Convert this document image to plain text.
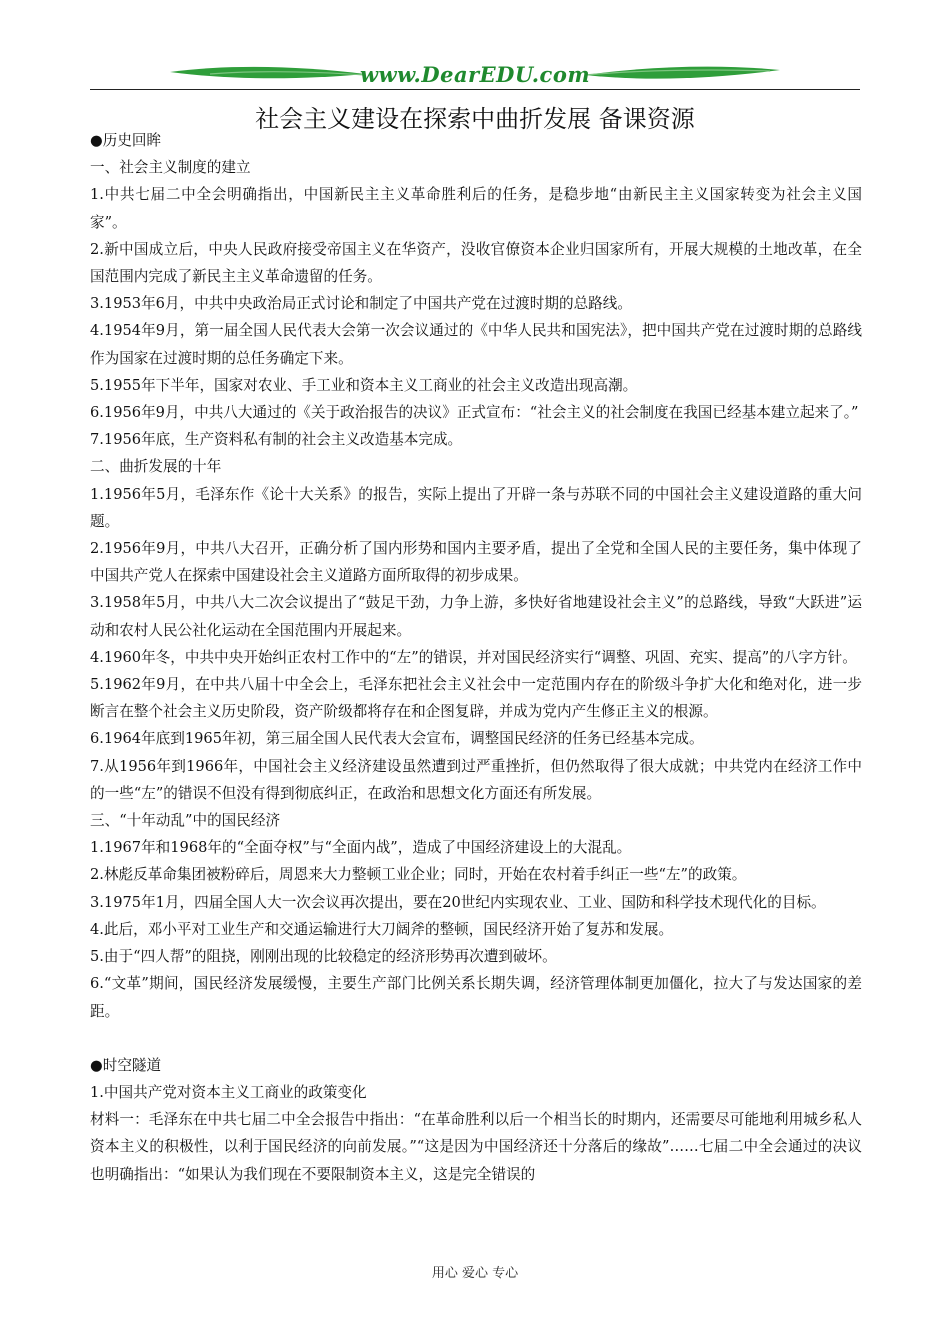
www.DearEDU.com
社会主义建设在探索中曲折发展 备课资源

●历史回眸

一、社会主义制度的建立

1.中共七届二中全会明确指出，中国新民主主义革命胜利后的任务，是稳步地“由新民主主义国家转变为社会主义国家”。

2.新中国成立后，中央人民政府接受帝国主义在华资产，没收官僚资本企业归国家所有，开展大规模的土地改革，在全国范围内完成了新民主主义革命遗留的任务。

3.1953年6月，中共中央政治局正式讨论和制定了中国共产党在过渡时期的总路线。

4.1954年9月，第一届全国人民代表大会第一次会议通过的《中华人民共和国宪法》，把中国共产党在过渡时期的总路线作为国家在过渡时期的总任务确定下来。

5.1955年下半年，国家对农业、手工业和资本主义工商业的社会主义改造出现高潮。

6.1956年9月，中共八大通过的《关于政治报告的决议》正式宣布：“社会主义的社会制度在我国已经基本建立起来了。”

7.1956年底，生产资料私有制的社会主义改造基本完成。

二、曲折发展的十年

1.1956年5月，毛泽东作《论十大关系》的报告，实际上提出了开辟一条与苏联不同的中国社会主义建设道路的重大问题。

2.1956年9月，中共八大召开，正确分析了国内形势和国内主要矛盾，提出了全党和全国人民的主要任务，集中体现了中国共产党人在探索中国建设社会主义道路方面所取得的初步成果。

3.1958年5月，中共八大二次会议提出了“鼓足干劲，力争上游，多快好省地建设社会主义”的总路线，导致“大跃进”运动和农村人民公社化运动在全国范围内开展起来。

4.1960年冬，中共中央开始纠正农村工作中的“左”的错误，并对国民经济实行“调整、巩固、充实、提高”的八字方针。

5.1962年9月，在中共八届十中全会上，毛泽东把社会主义社会中一定范围内存在的阶级斗争扩大化和绝对化，进一步断言在整个社会主义历史阶段，资产阶级都将存在和企图复辟，并成为党内产生修正主义的根源。

6.1964年底到1965年初，第三届全国人民代表大会宣布，调整国民经济的任务已经基本完成。

7.从1956年到1966年，中国社会主义经济建设虽然遭到过严重挫折，但仍然取得了很大成就；中共党内在经济工作中的一些“左”的错误不但没有得到彻底纠正，在政治和思想文化方面还有所发展。

三、“十年动乱”中的国民经济

1.1967年和1968年的“全面夺权”与“全面内战”，造成了中国经济建设上的大混乱。

2.林彪反革命集团被粉碎后，周恩来大力整顿工业企业；同时，开始在农村着手纠正一些“左”的政策。

3.1975年1月，四届全国人大一次会议再次提出，要在20世纪内实现农业、工业、国防和科学技术现代化的目标。

4.此后，邓小平对工业生产和交通运输进行大刀阔斧的整顿，国民经济开始了复苏和发展。

5.由于“四人帮”的阻挠，刚刚出现的比较稳定的经济形势再次遭到破坏。

6.“文革”期间，国民经济发展缓慢，主要生产部门比例关系长期失调，经济管理体制更加僵化，拉大了与发达国家的差距。

●时空隧道

1.中国共产党对资本主义工商业的政策变化

材料一：毛泽东在中共七届二中全会报告中指出：“在革命胜利以后一个相当长的时期内，还需要尽可能地利用城乡私人资本主义的积极性，以利于国民经济的向前发展。”“这是因为中国经济还十分落后的缘故”……七届二中全会通过的决议也明确指出：“如果认为我们现在不要限制资本主义，这是完全错误的

用心 爱心 专心
